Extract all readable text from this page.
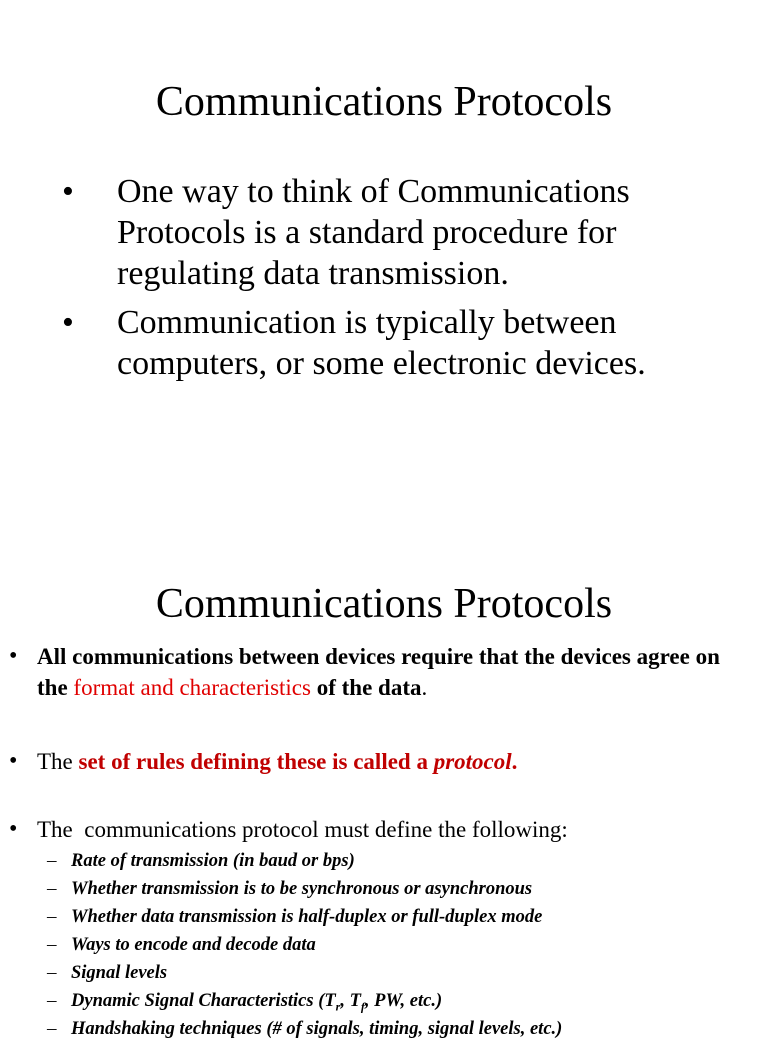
Communications Protocols
• One way to think of Communications Protocols is a standard procedure for regulating data transmission.
• Communication is typically between computers, or some electronic devices.
Communications Protocols
• All communications between devices require that the devices agree on the format and characteristics of the data.
• The set of rules defining these is called a protocol.
• The  communications protocol must define the following:
– Rate of transmission (in baud or bps)
– Whether transmission is to be synchronous or asynchronous
– Whether data transmission is half-duplex or full-duplex mode
– Ways to encode and decode data
– Signal levels
– Dynamic Signal Characteristics ($T_r$, $T_f$, PW, etc.)
– Handshaking techniques (# of signals, timing, signal levels, etc.)
